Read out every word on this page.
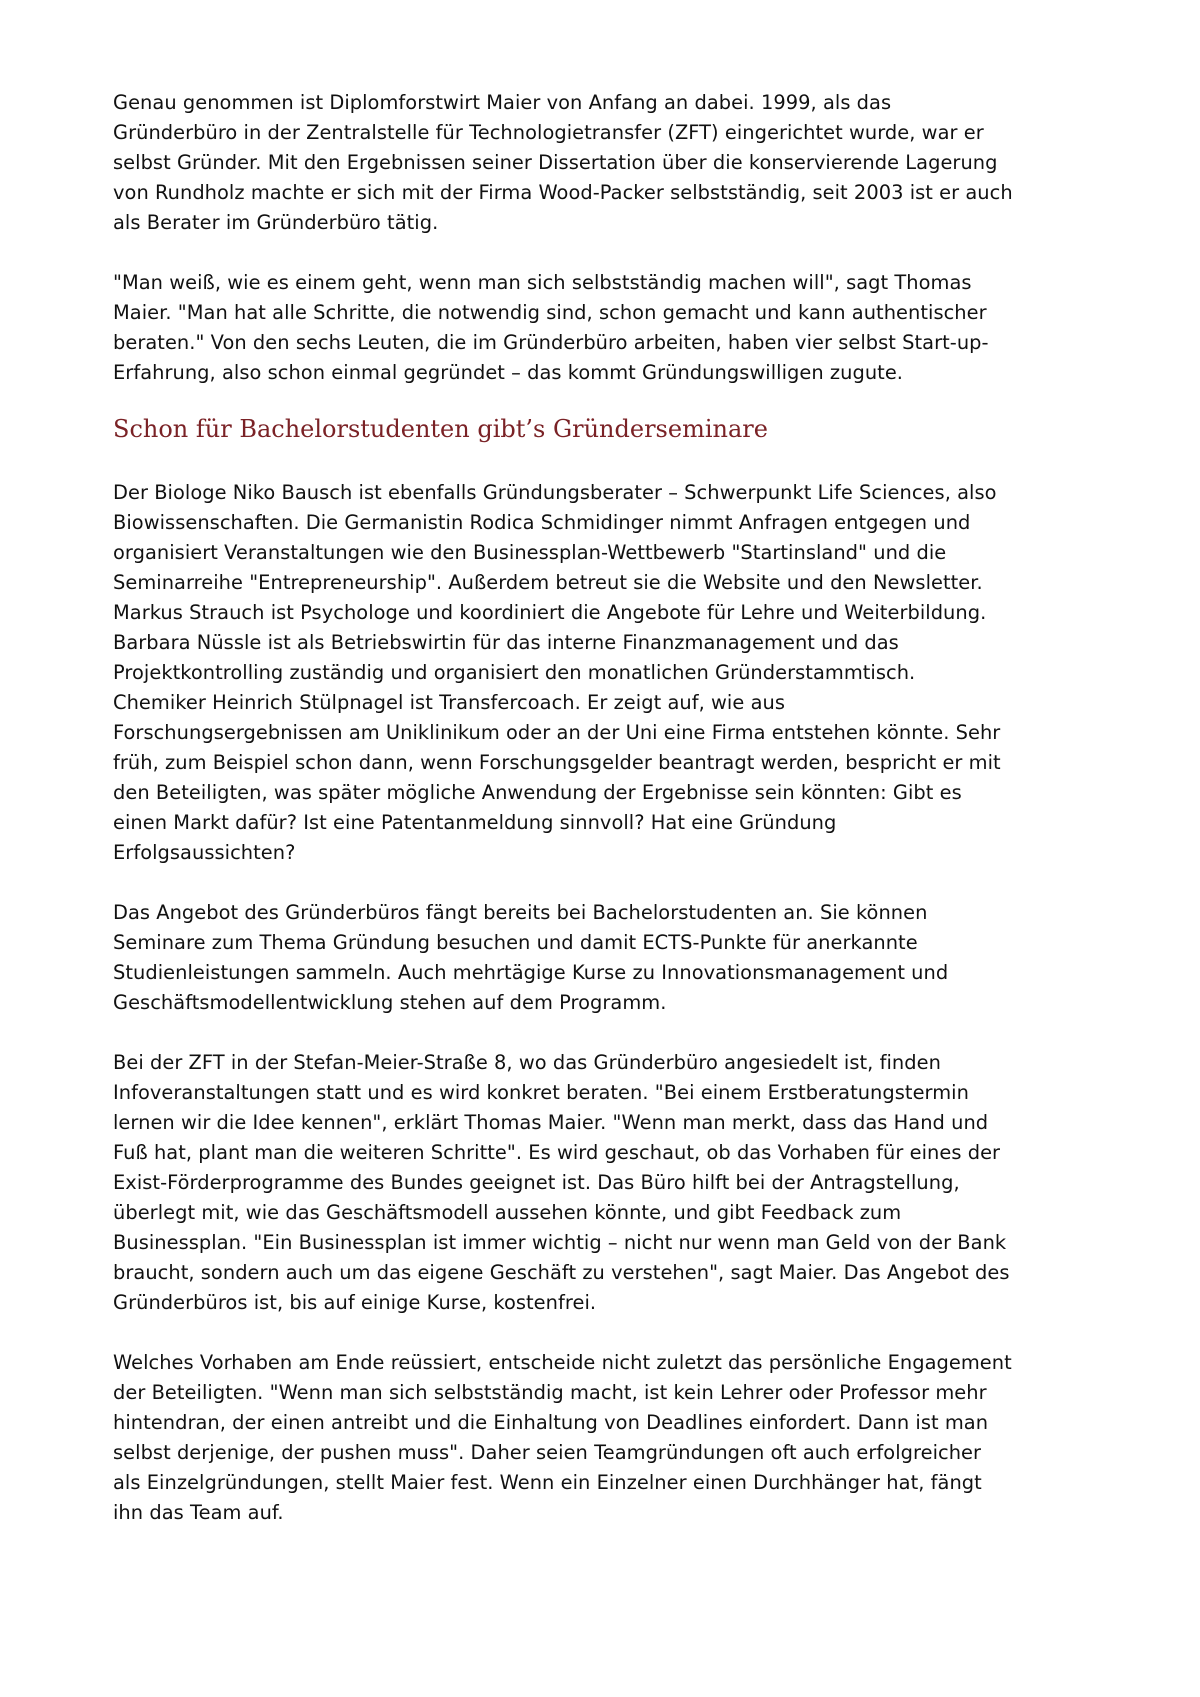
Genau genommen ist Diplomforstwirt Maier von Anfang an dabei. 1999, als das Gründerbüro in der Zentralstelle für Technologietransfer (ZFT) eingerichtet wurde, war er selbst Gründer. Mit den Ergebnissen seiner Dissertation über die konservierende Lagerung von Rundholz machte er sich mit der Firma Wood-Packer selbstständig, seit 2003 ist er auch als Berater im Gründerbüro tätig.

"Man weiß, wie es einem geht, wenn man sich selbstständig machen will", sagt Thomas Maier. "Man hat alle Schritte, die notwendig sind, schon gemacht und kann authentischer beraten." Von den sechs Leuten, die im Gründerbüro arbeiten, haben vier selbst Start-up-Erfahrung, also schon einmal gegründet – das kommt Gründungswilligen zugute.

Schon für Bachelorstudenten gibt’s Gründerseminare

Der Biologe Niko Bausch ist ebenfalls Gründungsberater – Schwerpunkt Life Sciences, also Biowissenschaften. Die Germanistin Rodica Schmidinger nimmt Anfragen entgegen und organisiert Veranstaltungen wie den Businessplan-Wettbewerb "Startinsland" und die Seminarreihe "Entrepreneurship". Außerdem betreut sie die Website und den Newsletter. Markus Strauch ist Psychologe und koordiniert die Angebote für Lehre und Weiterbildung. Barbara Nüssle ist als Betriebswirtin für das interne Finanzmanagement und das Projektkontrolling zuständig und organisiert den monatlichen Gründerstammtisch. Chemiker Heinrich Stülpnagel ist Transfercoach. Er zeigt auf, wie aus Forschungsergebnissen am Uniklinikum oder an der Uni eine Firma entstehen könnte. Sehr früh, zum Beispiel schon dann, wenn Forschungsgelder beantragt werden, bespricht er mit den Beteiligten, was später mögliche Anwendung der Ergebnisse sein könnten: Gibt es einen Markt dafür? Ist eine Patentanmeldung sinnvoll? Hat eine Gründung Erfolgsaussichten?

Das Angebot des Gründerbüros fängt bereits bei Bachelorstudenten an. Sie können Seminare zum Thema Gründung besuchen und damit ECTS-Punkte für anerkannte Studienleistungen sammeln. Auch mehrtägige Kurse zu Innovationsmanagement und Geschäftsmodellentwicklung stehen auf dem Programm.

Bei der ZFT in der Stefan-Meier-Straße 8, wo das Gründerbüro angesiedelt ist, finden Infoveranstaltungen statt und es wird konkret beraten. "Bei einem Erstberatungstermin lernen wir die Idee kennen", erklärt Thomas Maier. "Wenn man merkt, dass das Hand und Fuß hat, plant man die weiteren Schritte". Es wird geschaut, ob das Vorhaben für eines der Exist-Förderprogramme des Bundes geeignet ist. Das Büro hilft bei der Antragstellung, überlegt mit, wie das Geschäftsmodell aussehen könnte, und gibt Feedback zum Businessplan. "Ein Businessplan ist immer wichtig – nicht nur wenn man Geld von der Bank braucht, sondern auch um das eigene Geschäft zu verstehen", sagt Maier. Das Angebot des Gründerbüros ist, bis auf einige Kurse, kostenfrei.

Welches Vorhaben am Ende reüssiert, entscheide nicht zuletzt das persönliche Engagement der Beteiligten. "Wenn man sich selbstständig macht, ist kein Lehrer oder Professor mehr hintendran, der einen antreibt und die Einhaltung von Deadlines einfordert. Dann ist man selbst derjenige, der pushen muss". Daher seien Teamgründungen oft auch erfolgreicher als Einzelgründungen, stellt Maier fest. Wenn ein Einzelner einen Durchhänger hat, fängt ihn das Team auf.
